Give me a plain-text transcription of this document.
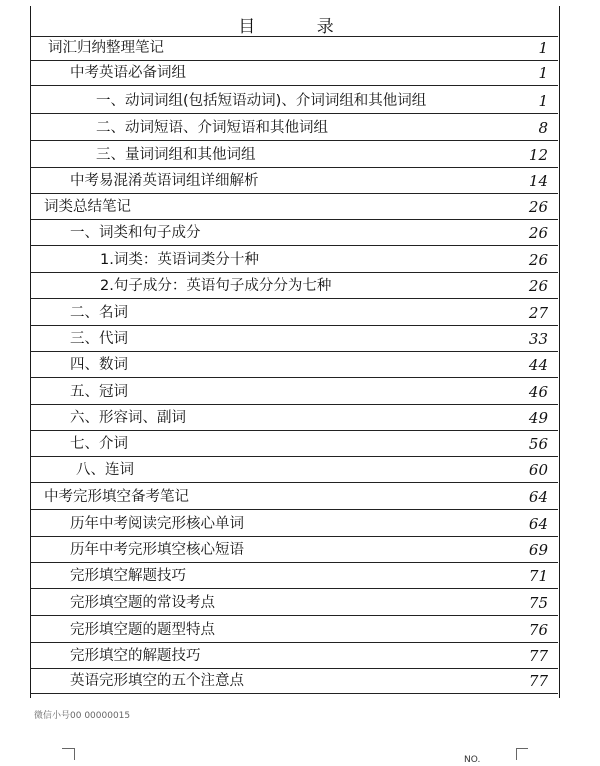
目 录
词汇归纳整理笔记	1
中考英语必备词组	1
一、动词词组(包括短语动词)、介词词组和其他词组	1
二、动词短语、介词短语和其他词组	8
三、量词词组和其他词组	12
中考易混淆英语词组详细解析	14
词类总结笔记	26
一、词类和句子成分	26
1.词类：英语词类分十种	26
2.句子成分：英语句子成分分为七种	26
二、名词	27
三、代词	33
四、数词	44
五、冠词	46
六、形容词、副词	49
七、介词	56
八、连词	60
中考完形填空备考笔记	64
历年中考阅读完形核心单词	64
历年中考完形填空核心短语	69
完形填空解题技巧	71
完形填空题的常设考点	75
完形填空题的题型特点	76
完形填空的解题技巧	77
英语完形填空的五个注意点	77
微信小号00 00000015
NO.
